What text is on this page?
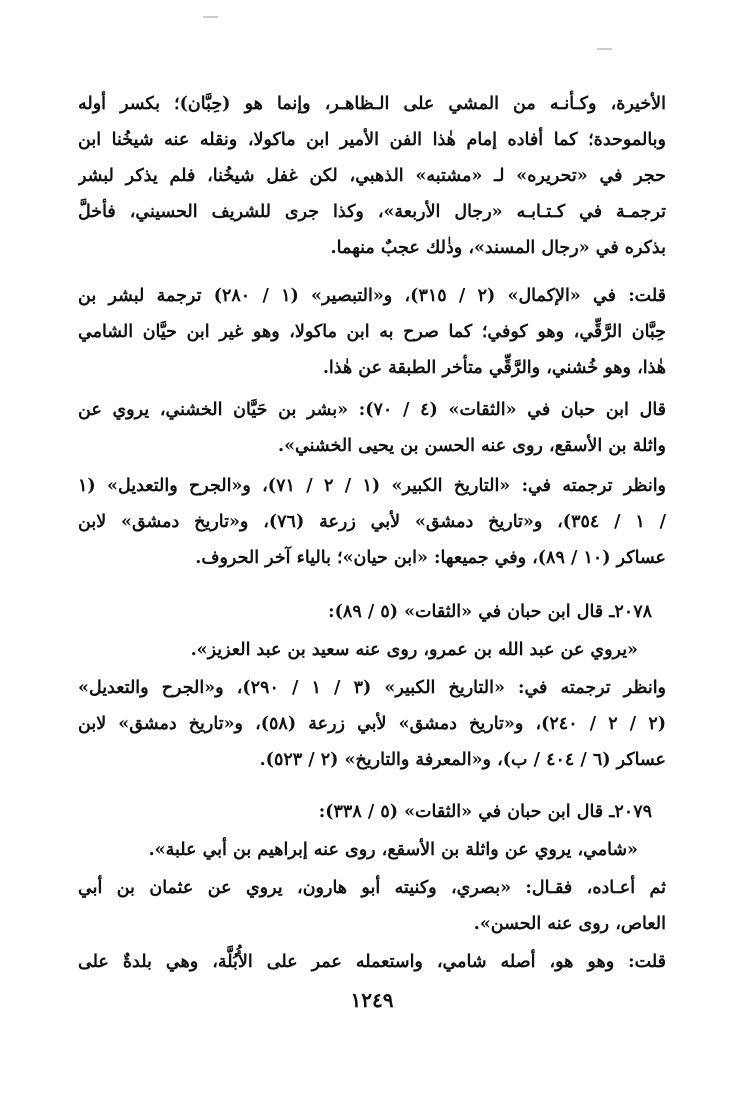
الأخيرة، وكـأنـه من المشي على الـظاهـر، وإنما هو (حِبَّان)؛ بكسر أوله
وبالموحدة؛ كما أفاده إمام هٰذا الفن الأمير ابن ماكولا، ونقله عنه شيخُنا ابن
حجر في «تحريره» لـ «مشتبه» الذهبي، لكن غفل شيخُنا، فلم يذكر لبشر
ترجمـة في كـتـابـه «رجال الأربعة»، وكذا جرى للشريف الحسيني، فأخلَّ
بذكره في «رجال المسند»، وذٰلك عجبٌ منهما.
قلت: في «الإكمال» (٢ / ٣١٥)، و«التبصير» (١ / ٢٨٠) ترجمة لبشر بن
حِبَّان الرَّقِّي، وهو كوفي؛ كما صرح به ابن ماكولا، وهو غير ابن حيَّان الشامي
هٰذا، وهو خُشني، والرَّقِّي متأخر الطبقة عن هٰذا.
قال ابن حبان في «الثقات» (٤ / ٧٠): «بشر بن حَيَّان الخشني، يروي عن
واثلة بن الأسقع، روى عنه الحسن بن يحيى الخشني».
وانظر ترجمته في: «التاريخ الكبير» (١ / ٢ / ٧١)، و«الجرح والتعديل» (١
/ ١ / ٣٥٤)، و«تاريخ دمشق» لأبي زرعة (٧٦)، و«تاريخ دمشق» لابن
عساكر (١٠ / ٨٩)، وفي جميعها: «ابن حيان»؛ بالياء آخر الحروف.
٢٠٧٨ـ قال ابن حبان في «الثقات» (٥ / ٨٩):
«يروي عن عبد الله بن عمرو، روى عنه سعيد بن عبد العزيز».
وانظر ترجمته في: «التاريخ الكبير» (٣ / ١ / ٢٩٠)، و«الجرح والتعديل»
(٢ / ٢ / ٢٤٠)، و«تاريخ دمشق» لأبي زرعة (٥٨)، و«تاريخ دمشق» لابن
عساكر (٦ / ٤٠٤ / ب)، و«المعرفة والتاريخ» (٢ / ٥٢٣).
٢٠٧٩ـ قال ابن حبان في «الثقات» (٥ / ٣٣٨):
«شامي، يروي عن واثلة بن الأسقع، روى عنه إبراهيم بن أبي علبة».
ثم أعـاده، فقـال: «بصري، وكنيته أبو هارون، يروي عن عثمان بن أبي
العاص، روى عنه الحسن».
قلت: وهو هو، أصله شامي، واستعمله عمر على الأُبُلَّة، وهي بلدةٌ على
١٢٤٩
